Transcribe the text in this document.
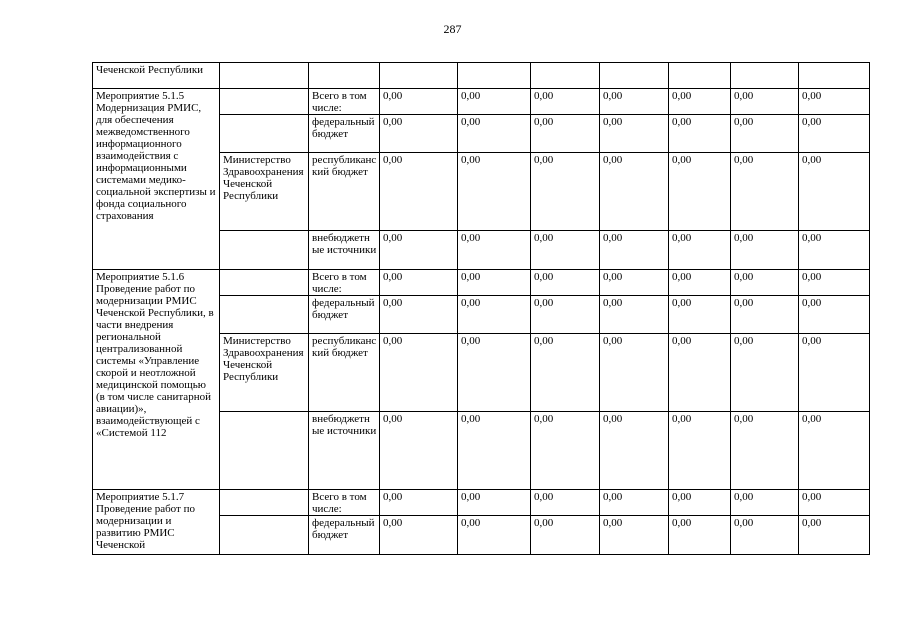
287
Чеченской Республики									
Мероприятие 5.1.5 Модернизация РМИС, для обеспечения межведомственного информационного взаимодействия с информационными системами медико-социальной экспертизы и фонда социального страхования		Всего в том числе:	0,00	0,00	0,00	0,00	0,00	0,00	0,00
		федеральный бюджет	0,00	0,00	0,00	0,00	0,00	0,00	0,00
	Министерство Здравоохранения Чеченской Республики	республиканский бюджет	0,00	0,00	0,00	0,00	0,00	0,00	0,00
		внебюджетные источники	0,00	0,00	0,00	0,00	0,00	0,00	0,00
Мероприятие 5.1.6 Проведение работ по модернизации РМИС Чеченской Республики, в части внедрения региональной централизованной системы «Управление скорой и неотложной медицинской помощью (в том числе санитарной авиации)», взаимодействующей с «Системой 112		Всего в том числе:	0,00	0,00	0,00	0,00	0,00	0,00	0,00
		федеральный бюджет	0,00	0,00	0,00	0,00	0,00	0,00	0,00
	Министерство Здравоохранения Чеченской Республики	республиканский бюджет	0,00	0,00	0,00	0,00	0,00	0,00	0,00
		внебюджетные источники	0,00	0,00	0,00	0,00	0,00	0,00	0,00
Мероприятие 5.1.7 Проведение работ по модернизации и развитию РМИС Чеченской		Всего в том числе:	0,00	0,00	0,00	0,00	0,00	0,00	0,00
		федеральный бюджет	0,00	0,00	0,00	0,00	0,00	0,00	0,00
